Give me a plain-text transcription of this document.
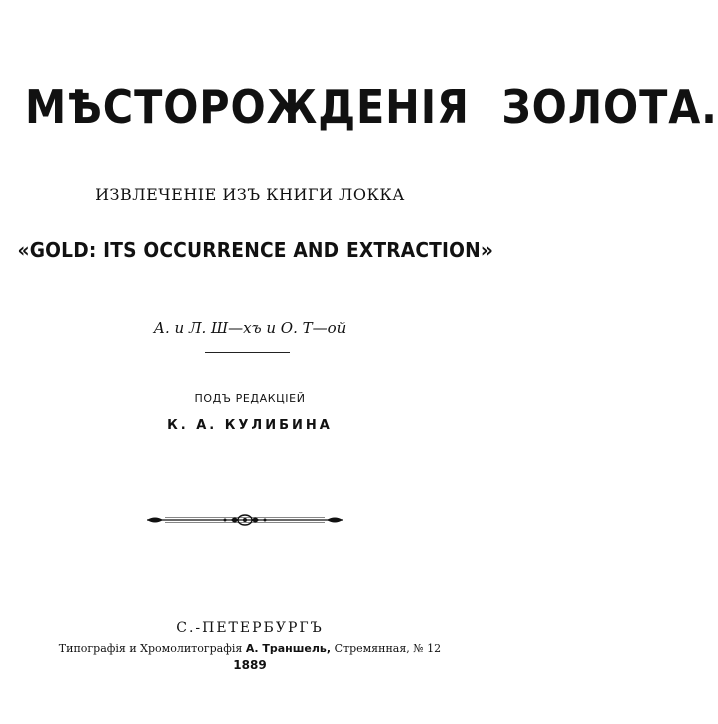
МѢСТОРОЖДЕНІЯ ЗОЛОТА.
ИЗВЛЕЧЕНІЕ ИЗЪ КНИГИ ЛОККА
«GOLD: ITS OCCURRENCE AND EXTRACTION»
А. и Л. Ш—хъ и О. Т—ой
ПОДЪ РЕДАКЦІЕЙ
К. А. КУЛИБИНА
С.-ПЕТЕРБУРГЪ
Типографія и Хромолитографія А. Траншель, Стремянная, № 12
1889
